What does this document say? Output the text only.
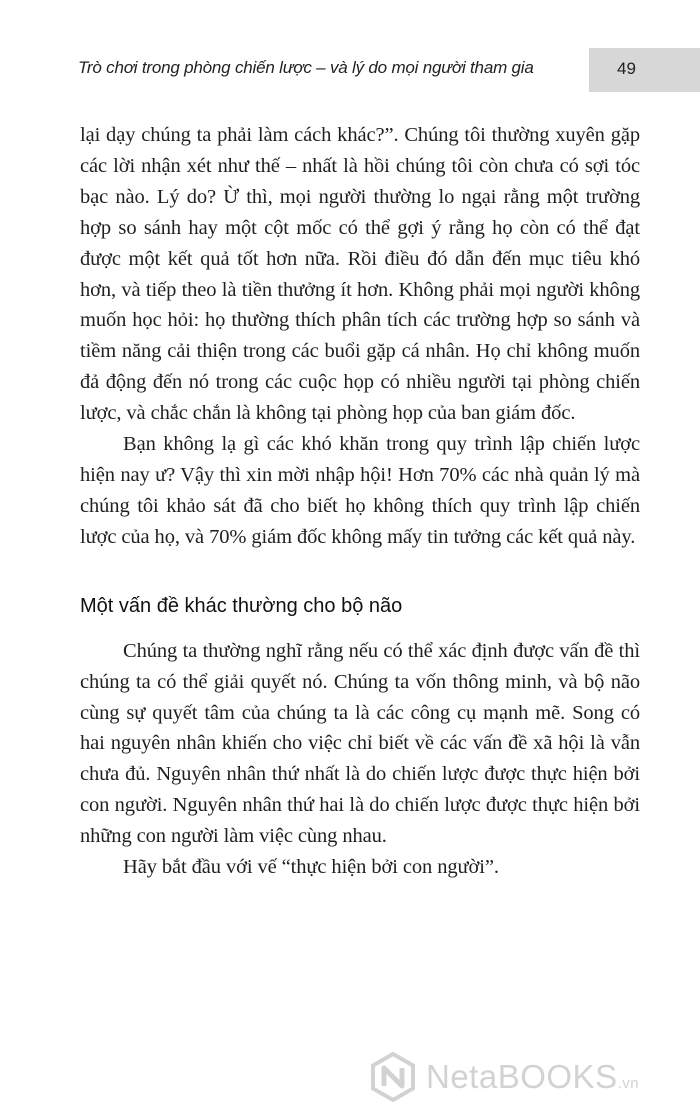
Trò chơi trong phòng chiến lược – và lý do mọi người tham gia	49

lại dạy chúng ta phải làm cách khác?”. Chúng tôi thường xuyên gặp các lời nhận xét như thế – nhất là hồi chúng tôi còn chưa có sợi tóc bạc nào. Lý do? Ừ thì, mọi người thường lo ngại rằng một trường hợp so sánh hay một cột mốc có thể gợi ý rằng họ còn có thể đạt được một kết quả tốt hơn nữa. Rồi điều đó dẫn đến mục tiêu khó hơn, và tiếp theo là tiền thưởng ít hơn. Không phải mọi người không muốn học hỏi: họ thường thích phân tích các trường hợp so sánh và tiềm năng cải thiện trong các buổi gặp cá nhân. Họ chỉ không muốn đả động đến nó trong các cuộc họp có nhiều người tại phòng chiến lược, và chắc chắn là không tại phòng họp của ban giám đốc.

Bạn không lạ gì các khó khăn trong quy trình lập chiến lược hiện nay ư? Vậy thì xin mời nhập hội! Hơn 70% các nhà quản lý mà chúng tôi khảo sát đã cho biết họ không thích quy trình lập chiến lược của họ, và 70% giám đốc không mấy tin tưởng các kết quả này.

Một vấn đề khác thường cho bộ não

Chúng ta thường nghĩ rằng nếu có thể xác định được vấn đề thì chúng ta có thể giải quyết nó. Chúng ta vốn thông minh, và bộ não cùng sự quyết tâm của chúng ta là các công cụ mạnh mẽ. Song có hai nguyên nhân khiến cho việc chỉ biết về các vấn đề xã hội là vẫn chưa đủ. Nguyên nhân thứ nhất là do chiến lược được thực hiện bởi con người. Nguyên nhân thứ hai là do chiến lược được thực hiện bởi những con người làm việc cùng nhau.

Hãy bắt đầu với vế “thực hiện bởi con người”.

NetaBOOKS.vn
